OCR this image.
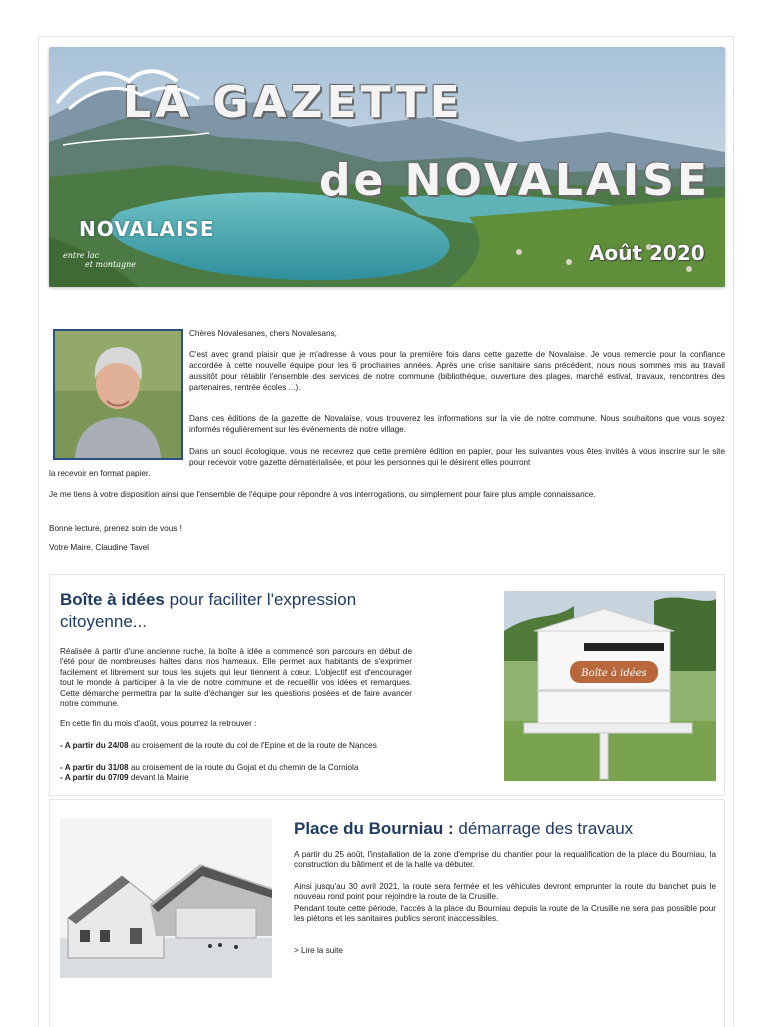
LA GAZETTE
de NOVALAISE
NOVALAISE
entre lac
et montagne	Août 2020

Chères Novalesanes, chers Novalesans,

C'est avec grand plaisir que je m'adresse à vous pour la première fois dans cette gazette de Novalaise. Je vous remercie pour la confiance accordée à cette nouvelle équipe pour les 6 prochaines années. Après une crise sanitaire sans précédent, nous nous sommes mis au travail aussitôt pour rétablir l'ensemble des services de notre commune (bibliothèque, ouverture des plages, marché estival, travaux, rencontres des partenaires, rentrée écoles ...).

Dans ces éditions de la gazette de Novalaise, vous trouverez les informations sur la vie de notre commune. Nous souhaitons que vous soyez informés régulièrement sur les événements de notre village.

Dans un souci écologique, vous ne recevrez que cette première édition en papier, pour les suivantes vous êtes invités à vous inscrire sur le site pour recevoir votre gazette dématérialisée, et pour les personnes qui le désirent elles pourront

la recevoir en format papier.

Je me tiens à votre disposition ainsi que l'ensemble de l'équipe pour répondre à vos interrogations, ou simplement pour faire plus ample connaissance.

Bonne lecture, prenez soin de vous !

Votre Maire, Claudine Tavel

Boîte à idées pour faciliter l'expression citoyenne...

Réalisée à partir d'une ancienne ruche, la boîte à idée a commencé son parcours en début de l'été pour de nombreuses haltes dans nos hameaux. Elle permet aux habitants de s'exprimer facilement et librement sur tous les sujets qui leur tiennent à cœur. L'objectif est d'encourager tout le monde à participer à la vie de notre commune et de recueillir vos idées et remarques. Cette démarche permettra par la suite d'échanger sur les questions posées et de faire avancer notre commune.

En cette fin du mois d'août, vous pourrez la retrouver :

- A partir du 24/08 au croisement de la route du col de l'Epine et de la route de Nances
- A partir du 31/08 au croisement de la route du Gojat et du chemin de la Corniola
- A partir du 07/09 devant la Mairie
Boîte à idées
Place du Bourniau : démarrage des travaux

A partir du 25 août, l'installation de la zone d'emprise du chantier pour la requalification de la place du Bourniau, la construction du bâtiment et de la halle va débuter.

Ainsi jusqu'au 30 avril 2021, la route sera fermée et les véhicules devront emprunter la route du banchet puis le nouveau rond point pour rejoindre la route de la Crusille.

Pendant toute cette période, l'accès à la place du Bourniau depuis la route de la Crusille ne sera pas possible pour les piétons et les sanitaires publics seront inaccessibles.

> Lire la suite
